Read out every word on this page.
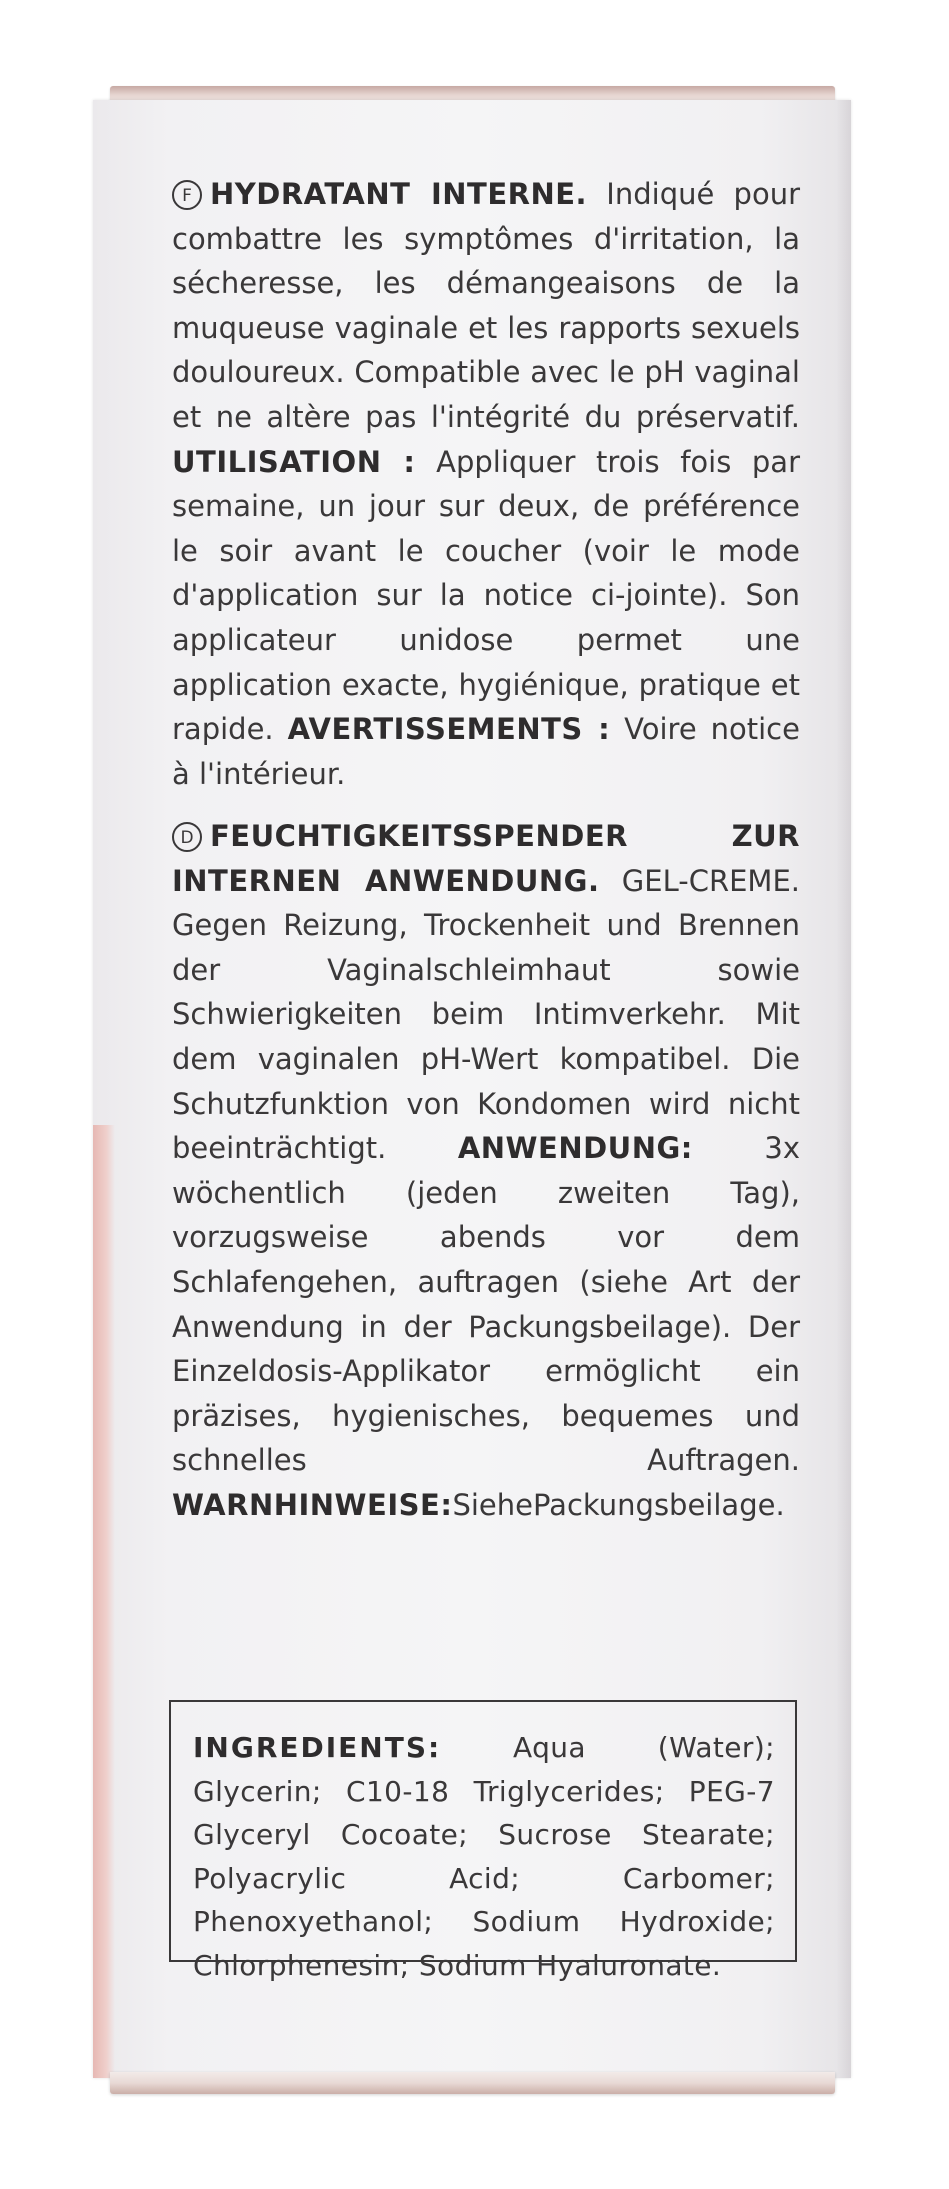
F HYDRATANT INTERNE. Indiqué pour combattre les symptômes d'irritation, la sécheresse, les démangeaisons de la muqueuse vaginale et les rapports sexuels douloureux. Compatible avec le pH vaginal et ne altère pas l'intégrité du préservatif. UTILISATION : Appliquer trois fois par semaine, un jour sur deux, de préférence le soir avant le coucher (voir le mode d'application sur la notice ci-jointe). Son applicateur unidose permet une application exacte, hygiénique, pratique et rapide. AVERTISSEMENTS : Voire notice à l'intérieur.
D FEUCHTIGKEITSSPENDER ZUR INTERNEN ANWENDUNG. GEL-CREME. Gegen Reizung, Trockenheit und Brennen der Vaginalschleimhaut sowie Schwierigkeiten beim Intimverkehr. Mit dem vaginalen pH-Wert kompatibel. Die Schutzfunktion von Kondomen wird nicht beeinträchtigt. ANWENDUNG: 3x wöchentlich (jeden zweiten Tag), vorzugsweise abends vor dem Schlafengehen, auftragen (siehe Art der Anwendung in der Packungsbeilage). Der Einzeldosis-Applikator ermöglicht ein präzises, hygienisches, bequemes und schnelles Auftragen. WARNHINWEISE:SiehePackungsbeilage.
INGREDIENTS: Aqua (Water); Glycerin; C10-18 Triglycerides; PEG-7 Glyceryl Cocoate; Sucrose Stearate; Polyacrylic Acid; Carbomer; Phenoxyethanol; Sodium Hydroxide; Chlorphenesin; Sodium Hyaluronate.
